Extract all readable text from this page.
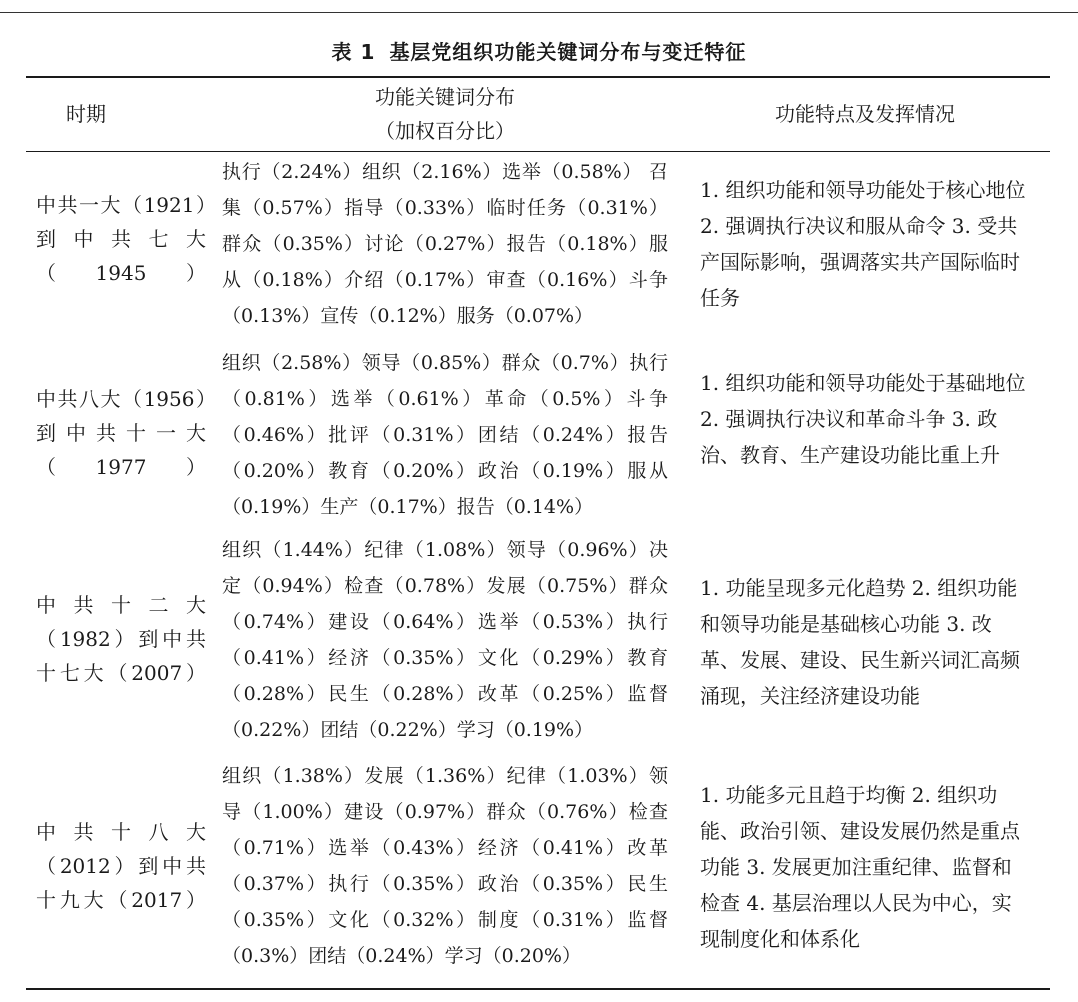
表 1 基层党组织功能关键词分布与变迁特征
时期
功能关键词分布
（加权百分比）
功能特点及发挥情况
中共一大（1921）到 中 共 七 大（1945）
执行（2.24%）组织（2.16%）选举（0.58%） 召集（0.57%）指导（0.33%）临时任务（0.31%）群众（0.35%）讨论（0.27%）报告（0.18%）服从（0.18%）介绍（0.17%）审查（0.16%）斗争（0.13%）宣传（0.12%）服务（0.07%）
1. 组织功能和领导功能处于核心地位 2. 强调执行决议和服从命令 3. 受共产国际影响，强调落实共产国际临时任务
中共八大（1956）到中共十一大（1977）
组织（2.58%）领导（0.85%）群众（0.7%）执行（0.81%）选举（0.61%）革命（0.5%）斗争（0.46%）批评（0.31%）团结（0.24%）报告（0.20%）教育（0.20%）政治（0.19%）服从（0.19%）生产（0.17%）报告（0.14%）
1. 组织功能和领导功能处于基础地位 2. 强调执行决议和革命斗争 3. 政治、教育、生产建设功能比重上升
中 共 十 二 大（1982）到中共十七大（2007）
组织（1.44%）纪律（1.08%）领导（0.96%）决定（0.94%）检查（0.78%）发展（0.75%）群众（0.74%）建设（0.64%）选举（0.53%）执行（0.41%）经济（0.35%）文化（0.29%）教育（0.28%）民生（0.28%）改革（0.25%）监督（0.22%）团结（0.22%）学习（0.19%）
1. 功能呈现多元化趋势 2. 组织功能和领导功能是基础核心功能 3. 改革、发展、建设、民生新兴词汇高频涌现，关注经济建设功能
中 共 十 八 大（2012）到中共十九大（2017）
组织（1.38%）发展（1.36%）纪律（1.03%）领导（1.00%）建设（0.97%）群众（0.76%）检查（0.71%）选举（0.43%）经济（0.41%）改革（0.37%）执行（0.35%）政治（0.35%）民生（0.35%）文化（0.32%）制度（0.31%）监督（0.3%）团结（0.24%）学习（0.20%）
1. 功能多元且趋于均衡 2. 组织功能、政治引领、建设发展仍然是重点功能 3. 发展更加注重纪律、监督和检查 4. 基层治理以人民为中心，实现制度化和体系化
